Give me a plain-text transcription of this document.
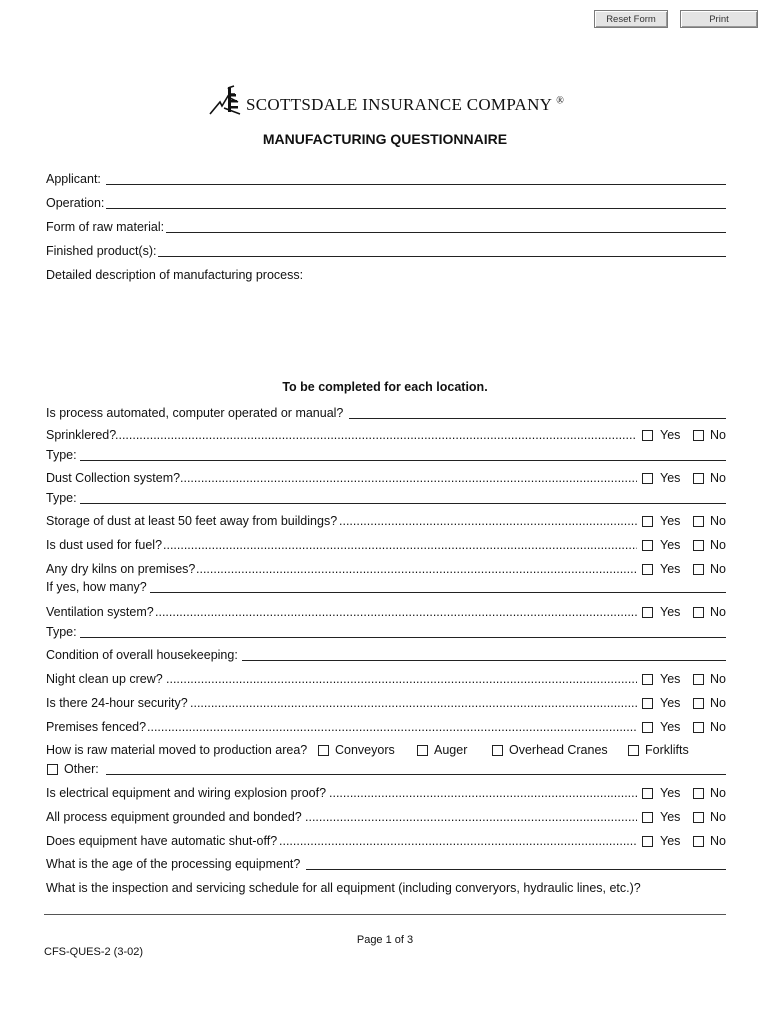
Reset Form	Print
SCOTTSDALE INSURANCE COMPANY ®
MANUFACTURING QUESTIONNAIRE
Applicant:
Operation:
Form of raw material:
Finished product(s):
Detailed description of manufacturing process:
To be completed for each location.
Is process automated, computer operated or manual?
Sprinklered? .....	Yes No
Type:
Dust Collection system? .....	Yes No
Type:
Storage of dust at least 50 feet away from buildings? .....	Yes No
Is dust used for fuel? .....	Yes No
Any dry kilns on premises? .....	Yes No
If yes, how many?
Ventilation system? .....	Yes No
Type:
Condition of overall housekeeping:
Night clean up crew? .....	Yes No
Is there 24-hour security? .....	Yes No
Premises fenced? .....	Yes No
How is raw material moved to production area? Conveyors	Auger	Overhead Cranes	Forklifts
Other:
Is electrical equipment and wiring explosion proof? .....	Yes No
All process equipment grounded and bonded? .....	Yes No
Does equipment have automatic shut-off? .....	Yes No
What is the age of the processing equipment?
What is the inspection and servicing schedule for all equipment (including converyors, hydraulic lines, etc.)?
Page 1 of 3
CFS-QUES-2 (3-02)
